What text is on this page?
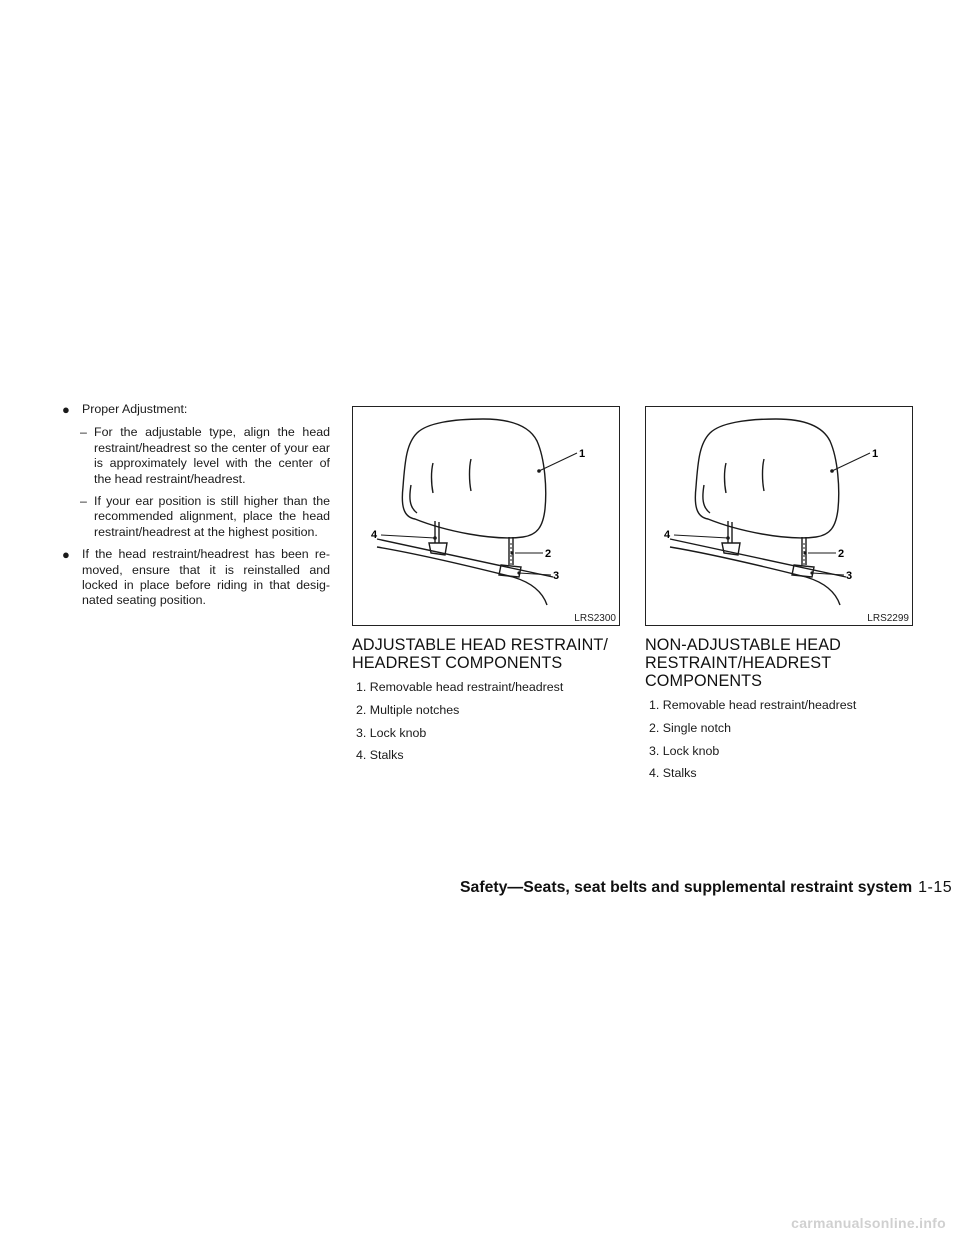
● Proper Adjustment:
– For the adjustable type, align the head restraint/headrest so the center of your ear is approximately level with the center of the head restraint/headrest.
– If your ear position is still higher than the recommended alignment, place the head restraint/headrest at the highest position.
● If the head restraint/headrest has been re-moved, ensure that it is reinstalled and locked in place before riding in that desig-nated seating position.
1
2
3
4
LRS2300
1
2
3
4
LRS2299
ADJUSTABLE HEAD RESTRAINT/ HEADREST COMPONENTS
1. Removable head restraint/headrest
2. Multiple notches
3. Lock knob
4. Stalks
NON-ADJUSTABLE HEAD RESTRAINT/HEADREST COMPONENTS
1. Removable head restraint/headrest
2. Single notch
3. Lock knob
4. Stalks
Safety—Seats, seat belts and supplemental restraint system 1-15
carmanualsonline.info
